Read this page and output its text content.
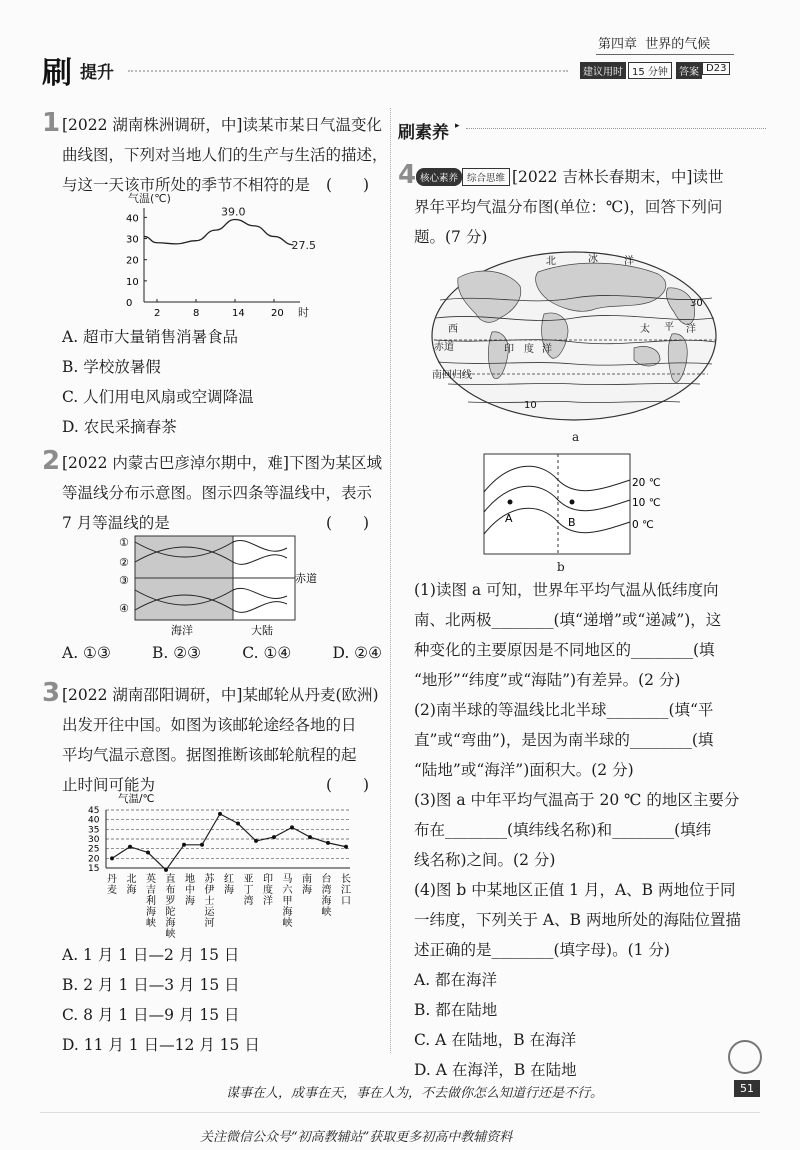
刷 提升
第四章  世界的气候
建议用时 15 分钟	答案 D23
1 [2022 湖南株洲调研，中]读某市某日气温变化
曲线图，下列对当地人们的生产与生活的描述，
与这一天该市所处的季节不相符的是	(　　)
气温(℃)
0
10
20
30
40
2	8	14	20 时
27.5
39.0
A. 超市大量销售消暑食品
B. 学校放暑假
C. 人们用电风扇或空调降温
D. 农民采摘春茶
2 [2022 内蒙古巴彦淖尔期中，难]下图为某区域
等温线分布示意图。图示四条等温线中，表示
7 月等温线的是	(　　)
①
②
③
④
赤道
海洋	大陆
A. ①③	B. ②③	C. ①④	D. ②④
3 [2022 湖南邵阳调研，中]某邮轮从丹麦(欧洲)
出发开往中国。如图为该邮轮途经各地的日
平均气温示意图。据图推断该邮轮航程的起
止时间可能为	(　　)
气温/℃
15
20
25
30
35
40
45
丹
麦
北
海
英
吉
利
海
峡
直
布
罗
陀
海
峡
地
中
海
苏
伊
士
运
河
红
海
亚
丁
湾
印
度
洋
马
六
甲
海
峡
南
海
台
湾
海
峡
长
江
口
A. 1 月 1 日—2 月 15 日
B. 2 月 1 日—3 月 15 日
C. 8 月 1 日—9 月 15 日
D. 11 月 1 日—12 月 15 日
刷素养 ▸
4 核心素养 综合思维 [2022 吉林长春期末，中]读世
界年平均气温分布图(单位：℃)，回答下列问
题。(7 分)
北	冰	洋
西	太 平 洋
赤道	印 度 洋
南回归线
10
30
a
A	B
20 ℃
10 ℃
0 ℃
b
(1)读图 a 可知，世界年平均气温从低纬度向
南、北两极________(填“递增”或“递减”)，这
种变化的主要原因是不同地区的________(填
“地形”“纬度”或“海陆”)有差异。(2 分)
(2)南半球的等温线比北半球________(填“平
直”或“弯曲”)，是因为南半球的________(填
“陆地”或“海洋”)面积大。(2 分)
(3)图 a 中年平均气温高于 20 ℃ 的地区主要分
布在________(填纬线名称)和________(填纬
线名称)之间。(2 分)
(4)图 b 中某地区正值 1 月，A、B 两地位于同
一纬度，下列关于 A、B 两地所处的海陆位置描
述正确的是________(填字母)。(1 分)
A. 都在海洋
B. 都在陆地
C. A 在陆地，B 在海洋
D. A 在海洋，B 在陆地
谋事在人，成事在天，事在人为，不去做你怎么知道行还是不行。	51
关注微信公众号“初高教辅站”获取更多初高中教辅资料
